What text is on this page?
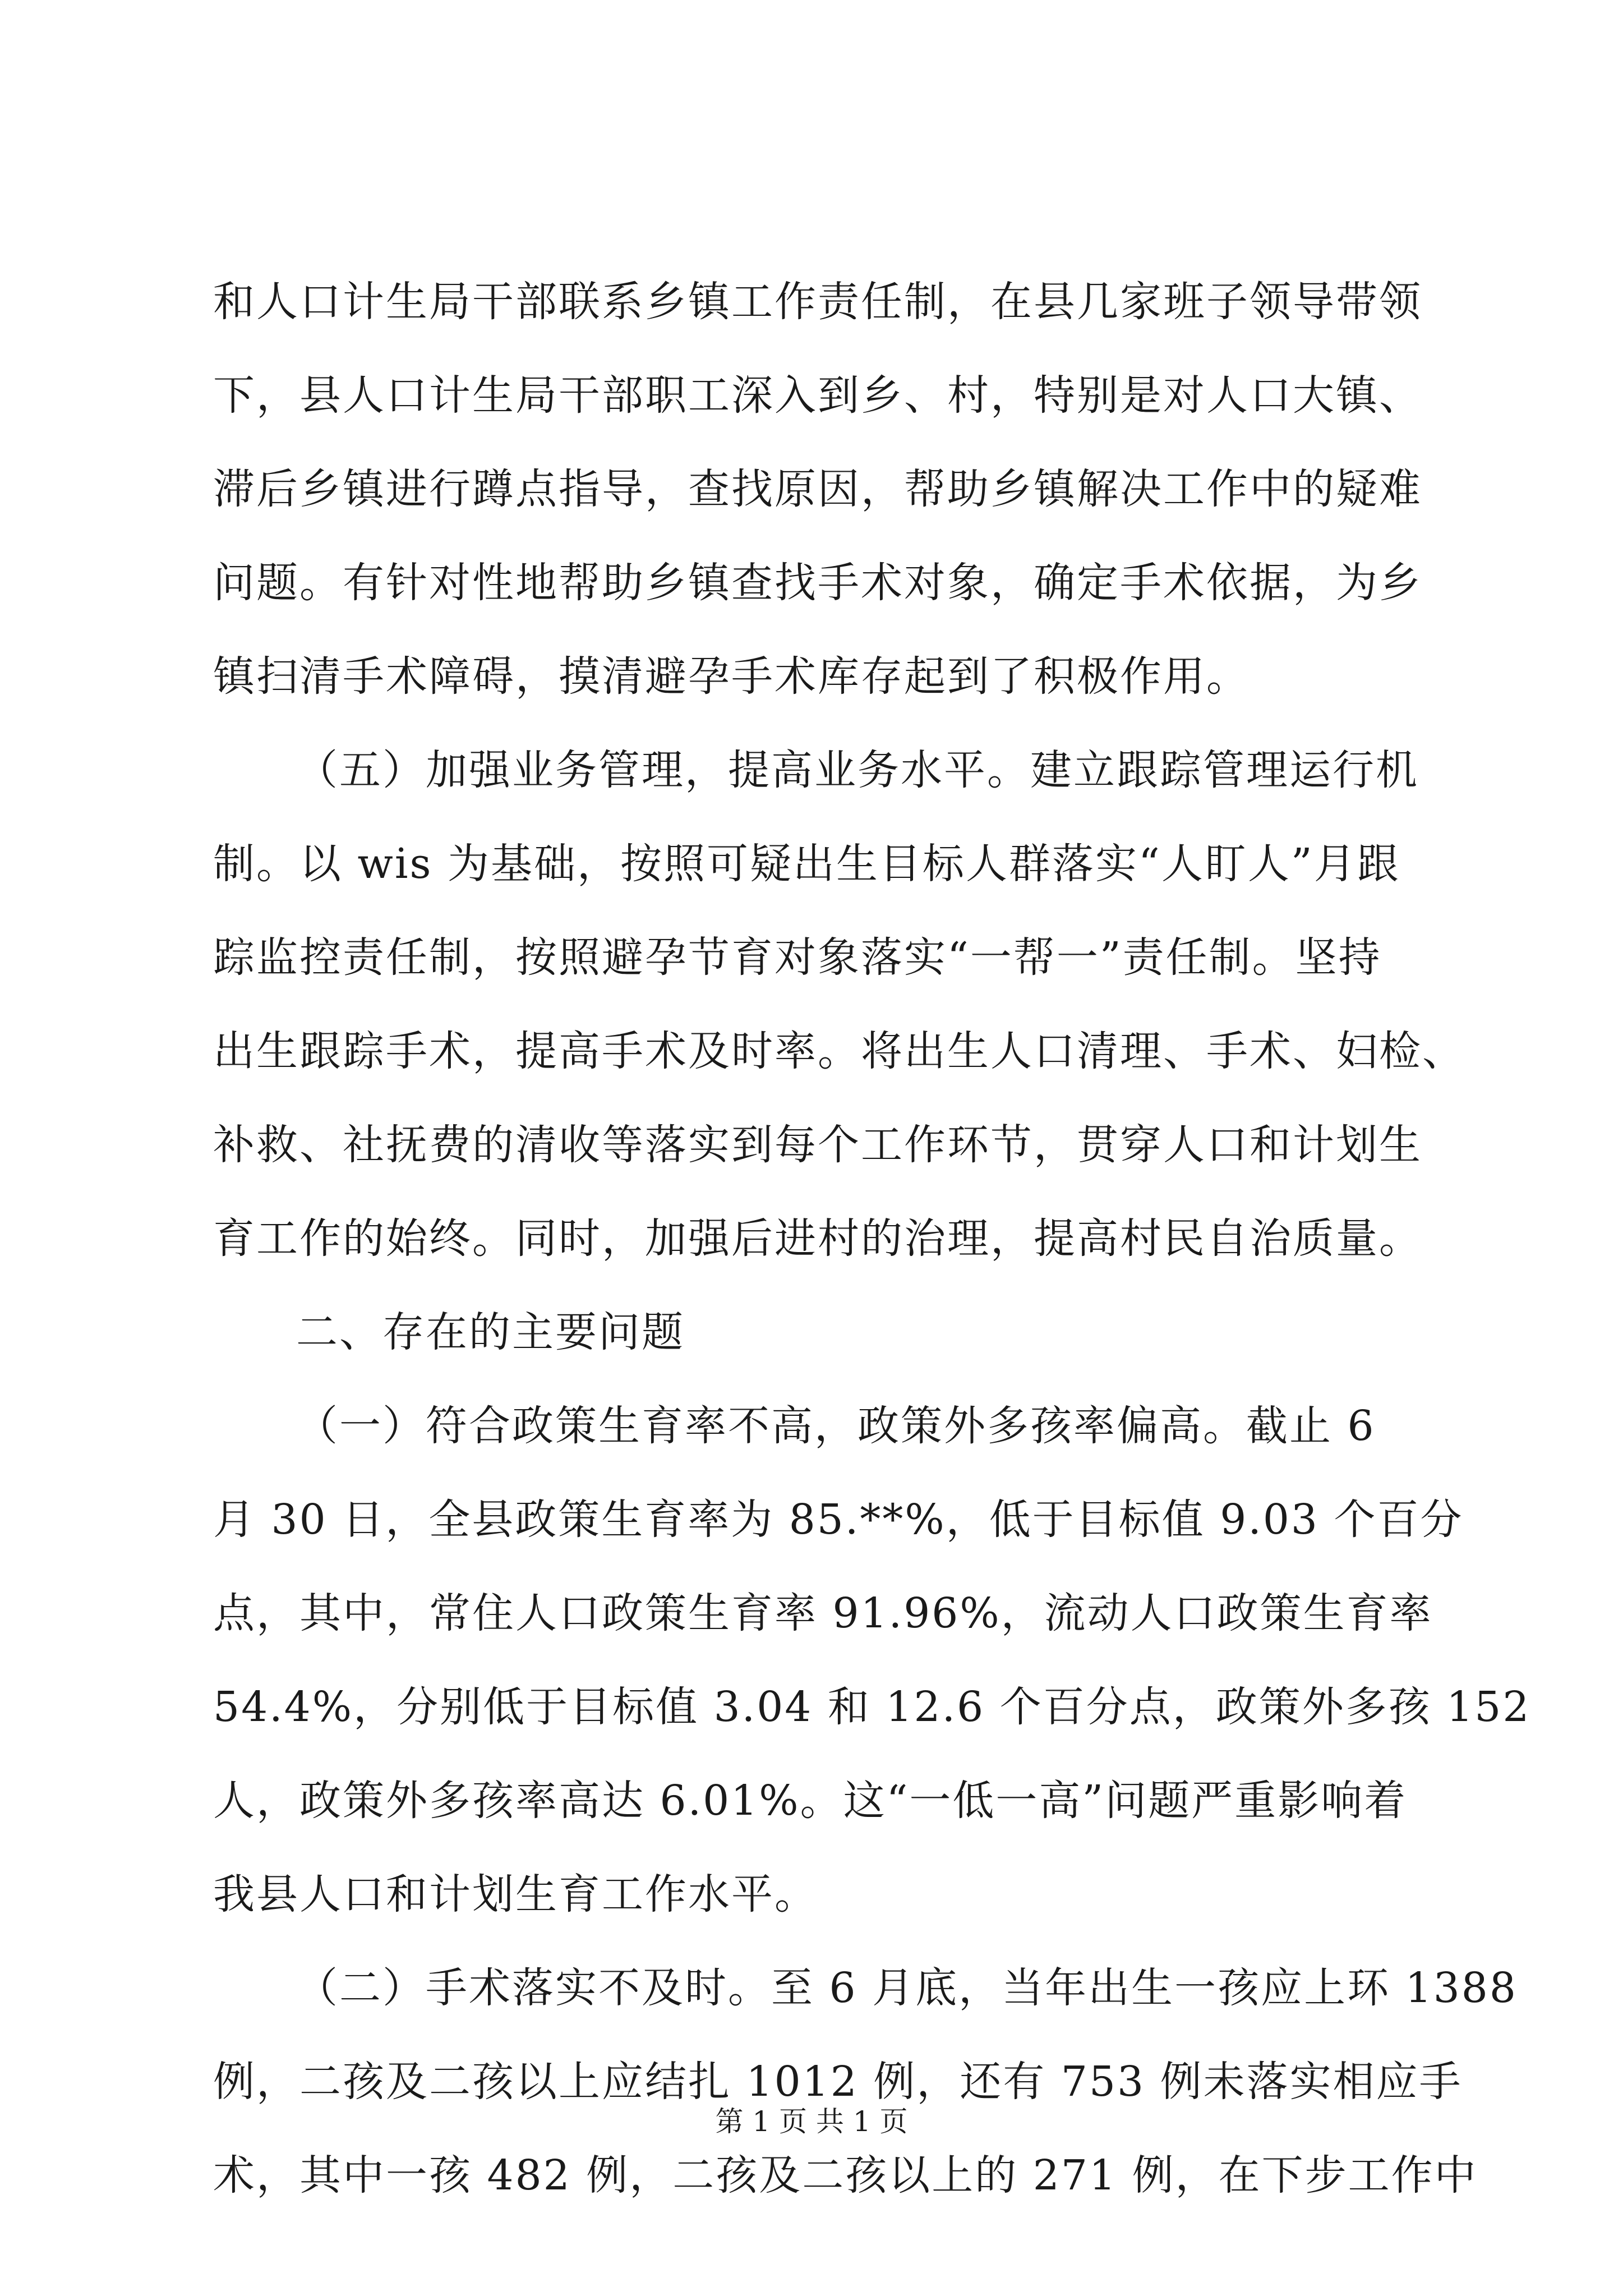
和人口计生局干部联系乡镇工作责任制，在县几家班子领导带领
下，县人口计生局干部职工深入到乡、村，特别是对人口大镇、
滞后乡镇进行蹲点指导，查找原因，帮助乡镇解决工作中的疑难
问题。有针对性地帮助乡镇查找手术对象，确定手术依据，为乡
镇扫清手术障碍，摸清避孕手术库存起到了积极作用。
（五）加强业务管理，提高业务水平。建立跟踪管理运行机
制。以 wis 为基础，按照可疑出生目标人群落实“人盯人”月跟
踪监控责任制，按照避孕节育对象落实“一帮一”责任制。坚持
出生跟踪手术，提高手术及时率。将出生人口清理、手术、妇检、
补救、社抚费的清收等落实到每个工作环节，贯穿人口和计划生
育工作的始终。同时，加强后进村的治理，提高村民自治质量。
二、存在的主要问题
（一）符合政策生育率不高，政策外多孩率偏高。截止 6
月 30 日，全县政策生育率为 85.**%，低于目标值 9.03 个百分
点，其中，常住人口政策生育率 91.96%，流动人口政策生育率
54.4%，分别低于目标值 3.04 和 12.6 个百分点，政策外多孩 152
人，政策外多孩率高达 6.01%。这“一低一高”问题严重影响着
我县人口和计划生育工作水平。
（二）手术落实不及时。至 6 月底，当年出生一孩应上环 1388
例，二孩及二孩以上应结扎 1012 例，还有 753 例未落实相应手
术，其中一孩 482 例，二孩及二孩以上的 271 例，在下步工作中
第 1 页 共 1 页
